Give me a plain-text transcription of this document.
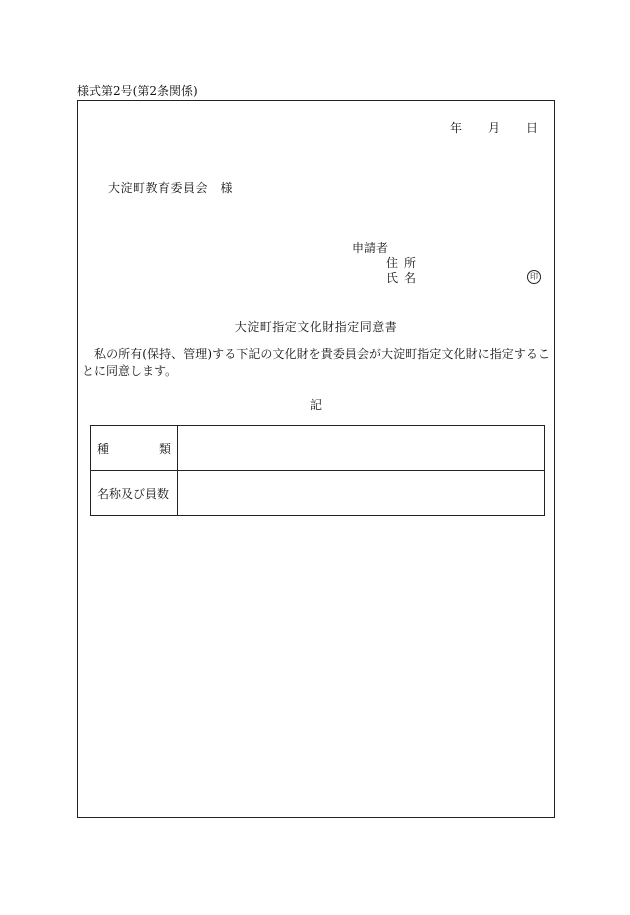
様式第2号(第2条関係)
年 月 日
大淀町教育委員会　様
申請者
住所
氏名	印
大淀町指定文化財指定同意書
私の所有(保持、管理)する下記の文化財を貴委員会が大淀町指定文化財に指定することに同意します。
記
種類	
名称及び員数	
